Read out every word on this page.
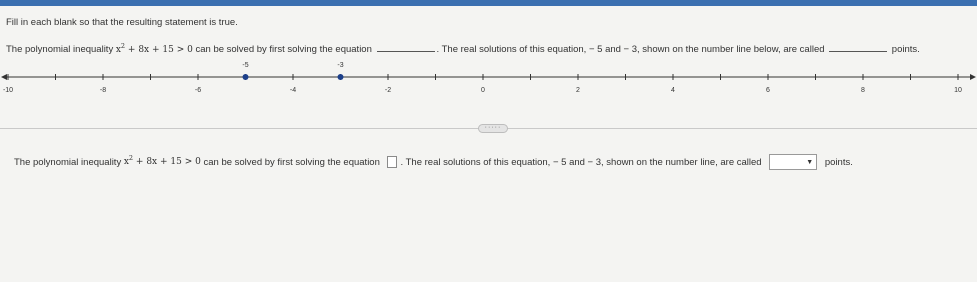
Fill in each blank so that the resulting statement is true.
The polynomial inequality $x^2 + 8x + 15 > 0$ can be solved by first solving the equation	. The real solutions of this equation, − 5 and − 3, shown on the number line below, are called	points.
-10	-8	-6	-4	-2	0	2	4	6	8	10
-5	-3
·····
The polynomial inequality $x^2 + 8x + 15 > 0$ can be solved by first solving the equation . The real solutions of this equation, − 5 and − 3, shown on the number line, are called	▼ points.
